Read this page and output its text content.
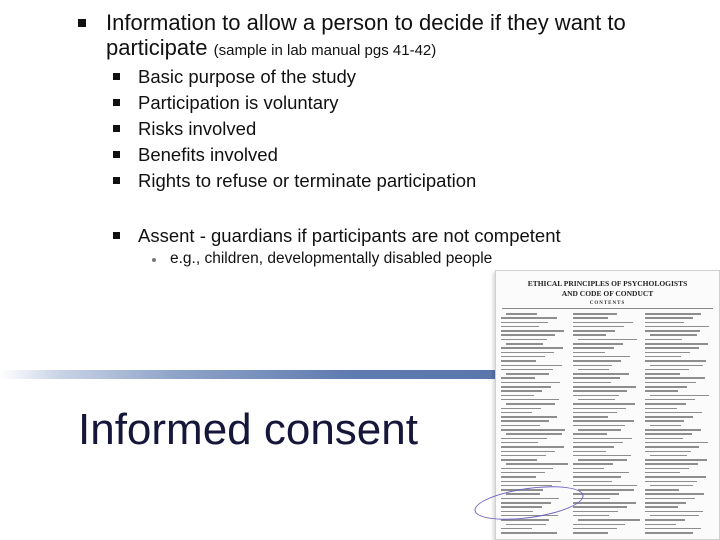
Information to allow a person to decide if they want to
participate (sample in lab manual pgs 41-42)
Basic purpose of the study
Participation is voluntary
Risks involved
Benefits involved
Rights to refuse or terminate participation
Assent - guardians if participants are not competent
e.g., children, developmentally disabled people
Informed consent
ETHICAL PRINCIPLES OF PSYCHOLOGISTS
AND CODE OF CONDUCT
CONTENTS
